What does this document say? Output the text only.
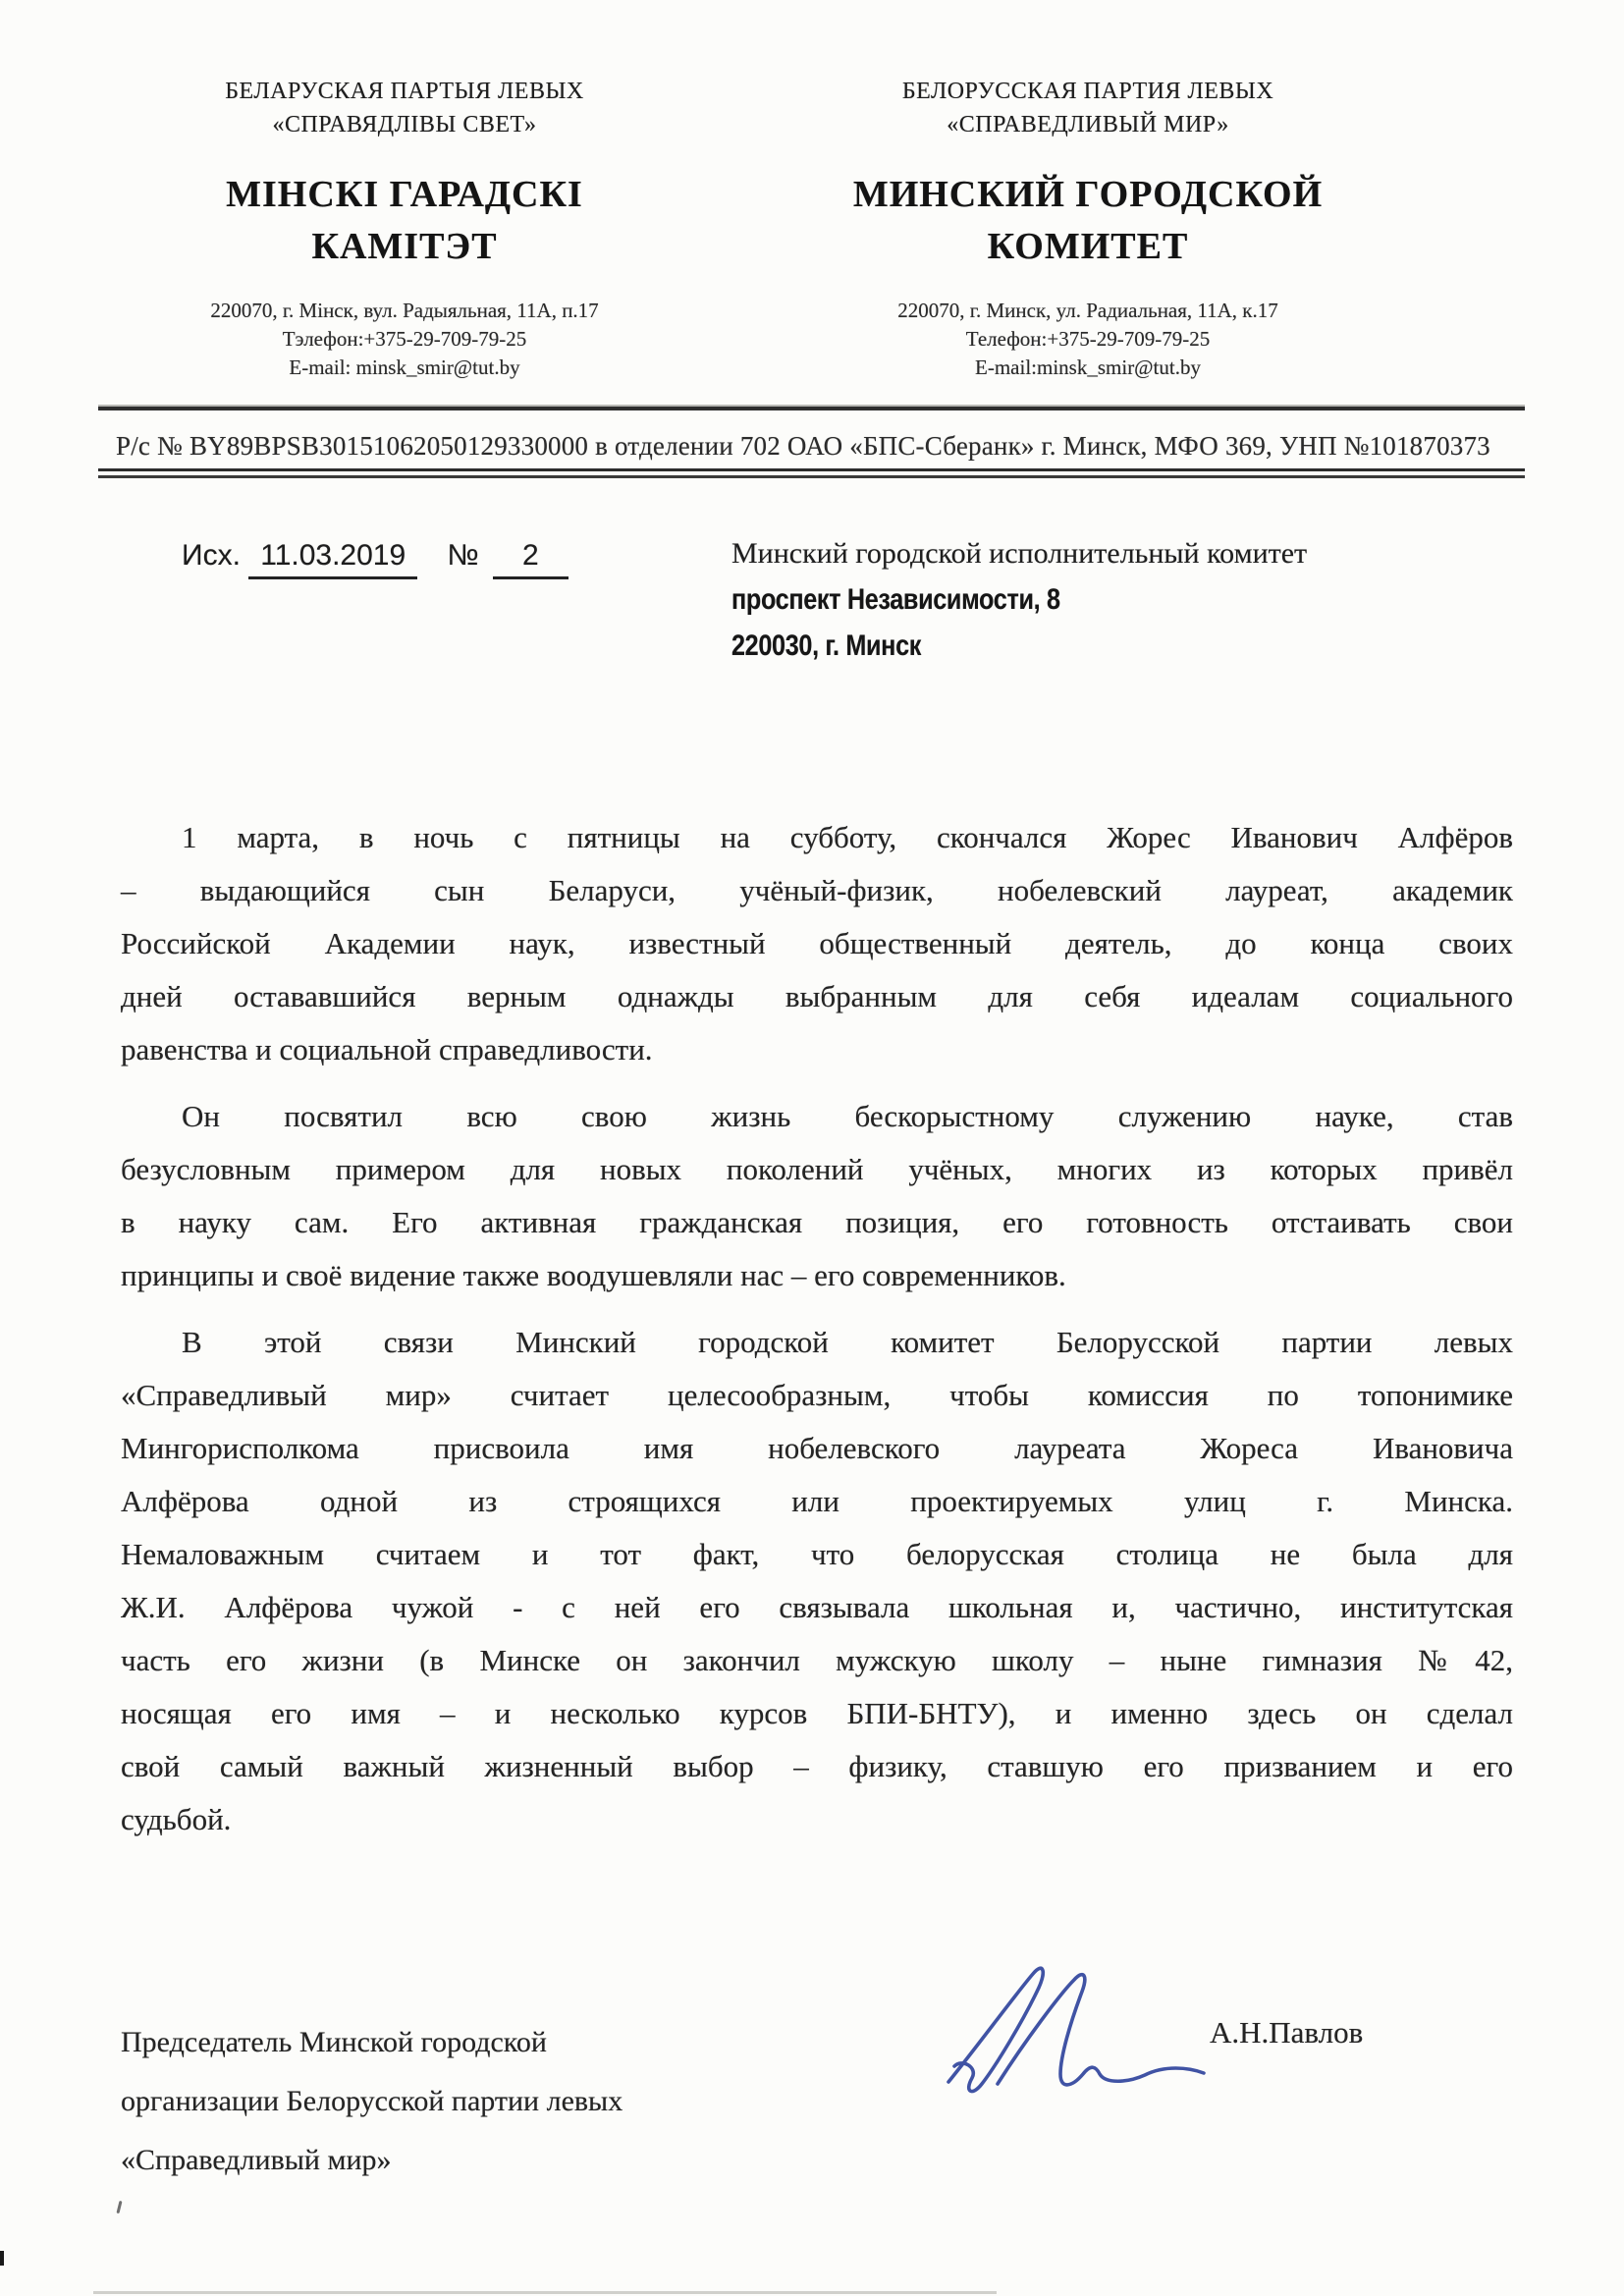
БЕЛАРУСКАЯ ПАРТЫЯ ЛЕВЫХ
«СПРАВЯДЛІВЫ СВЕТ»
МІНСКІ ГАРАДСКІ
КАМІТЭТ
220070, г. Мінск, вул. Радыяльная, 11А, п.17
Тэлефон:+375-29-709-79-25
E-mail: minsk_smir@tut.by
БЕЛОРУССКАЯ ПАРТИЯ ЛЕВЫХ
«СПРАВЕДЛИВЫЙ МИР»
МИНСКИЙ ГОРОДСКОЙ
КОМИТЕТ
220070, г. Минск, ул. Радиальная, 11А, к.17
Телефон:+375-29-709-79-25
E-mail:minsk_smir@tut.by
Р/с № BY89BPSB30151062050129330000 в отделении 702 ОАО «БПС-Сберанк» г. Минск, МФО 369, УНП №101870373
Исх. 11.03.2019 № 2	Минский городской исполнительный комитет
проспект Независимости, 8
220030, г. Минск
1 марта, в ночь с пятницы на субботу, скончался Жорес Иванович Алфёров
– выдающийся сын Беларуси, учёный-физик, нобелевский лауреат, академик
Российской Академии наук, известный общественный деятель, до конца своих
дней остававшийся верным однажды выбранным для себя идеалам социального
равенства и социальной справедливости.
Он посвятил всю свою жизнь бескорыстному служению науке, став
безусловным примером для новых поколений учёных, многих из которых привёл
в науку сам. Его активная гражданская позиция, его готовность отстаивать свои
принципы и своё видение также воодушевляли нас – его современников.
В этой связи Минский городской комитет Белорусской партии левых
«Справедливый мир» считает целесообразным, чтобы комиссия по топонимике
Мингорисполкома присвоила имя нобелевского лауреата Жореса Ивановича
Алфёрова одной из строящихся или проектируемых улиц г. Минска.
Немаловажным считаем и тот факт, что белорусская столица не была для
Ж.И. Алфёрова чужой - с ней его связывала школьная и, частично, институтская
часть его жизни (в Минске он закончил мужскую школу – ныне гимназия №42,
носящая его имя – и несколько курсов БПИ-БНТУ), и именно здесь он сделал
свой самый важный жизненный выбор – физику, ставшую его призванием и его
судьбой.
Председатель Минской городской
организации Белорусской партии левых
«Справедливый мир»
А.Н.Павлов
